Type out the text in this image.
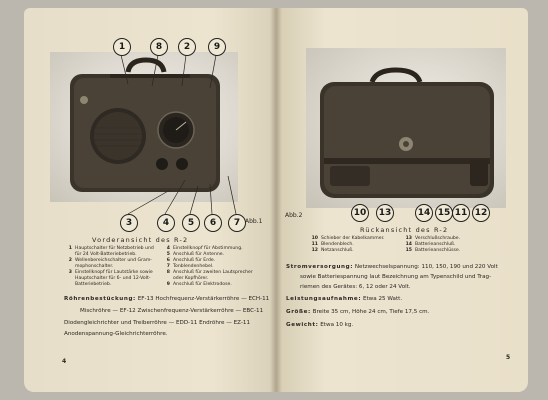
1	8	2	9
3	4	5	6	7 Abb.1
Vorderansicht des R-2
1 Hauptschalter für Netzbetrieb und
für 24 Volt-Batteriebetrieb.
2 Wellenbereichschalter und Gram-
mophonschalter.
3 Einstellknopf für Lautstärke sowie
Hauptschalter für 6- und 12-Volt-
Batteriebetrieb.
4 Einstellknopf für Abstimmung.
5 Anschluß für Antenne.
6 Anschluß für Erde.
7 Tonblendenhebel.
8 Anschluß für zweiten Lautsprecher
oder Kopfhörer.
9 Anschluß für Elektrodose.
Röhrenbestückung: EF-13 Hochfrequenz-Verstärkerröhre — ECH-11
Mischröhre — EF-12 Zwischenfrequenz-Verstärkerröhre — EBC-11
Diodengleichrichter und Treiberröhre — EDD-11 Endröhre — EZ-11
Anodenspannung-Gleichrichterröhre.
4
Abb.2	10	13	14 15 11 12
Rückansicht des R-2
10 Schieber der Kabelkammer.
11 Blendenblech.
12 Netzanschluß.
13 Verschlußschraube.
14 Batterieanschluß.
15 Batterieanschlüsse.
Stromversorgung: Netzwechselspannung: 110, 150, 190 und 220 Volt
sowie Batteriespannung laut Bezeichnung am Typenschild und Trag-
riemen des Gerätes: 6, 12 oder 24 Volt.
Leistungsaufnahme: Etwa 25 Watt.
Größe: Breite 35 cm, Höhe 24 cm, Tiefe 17,5 cm.
Gewicht: Etwa 10 kg.
5
